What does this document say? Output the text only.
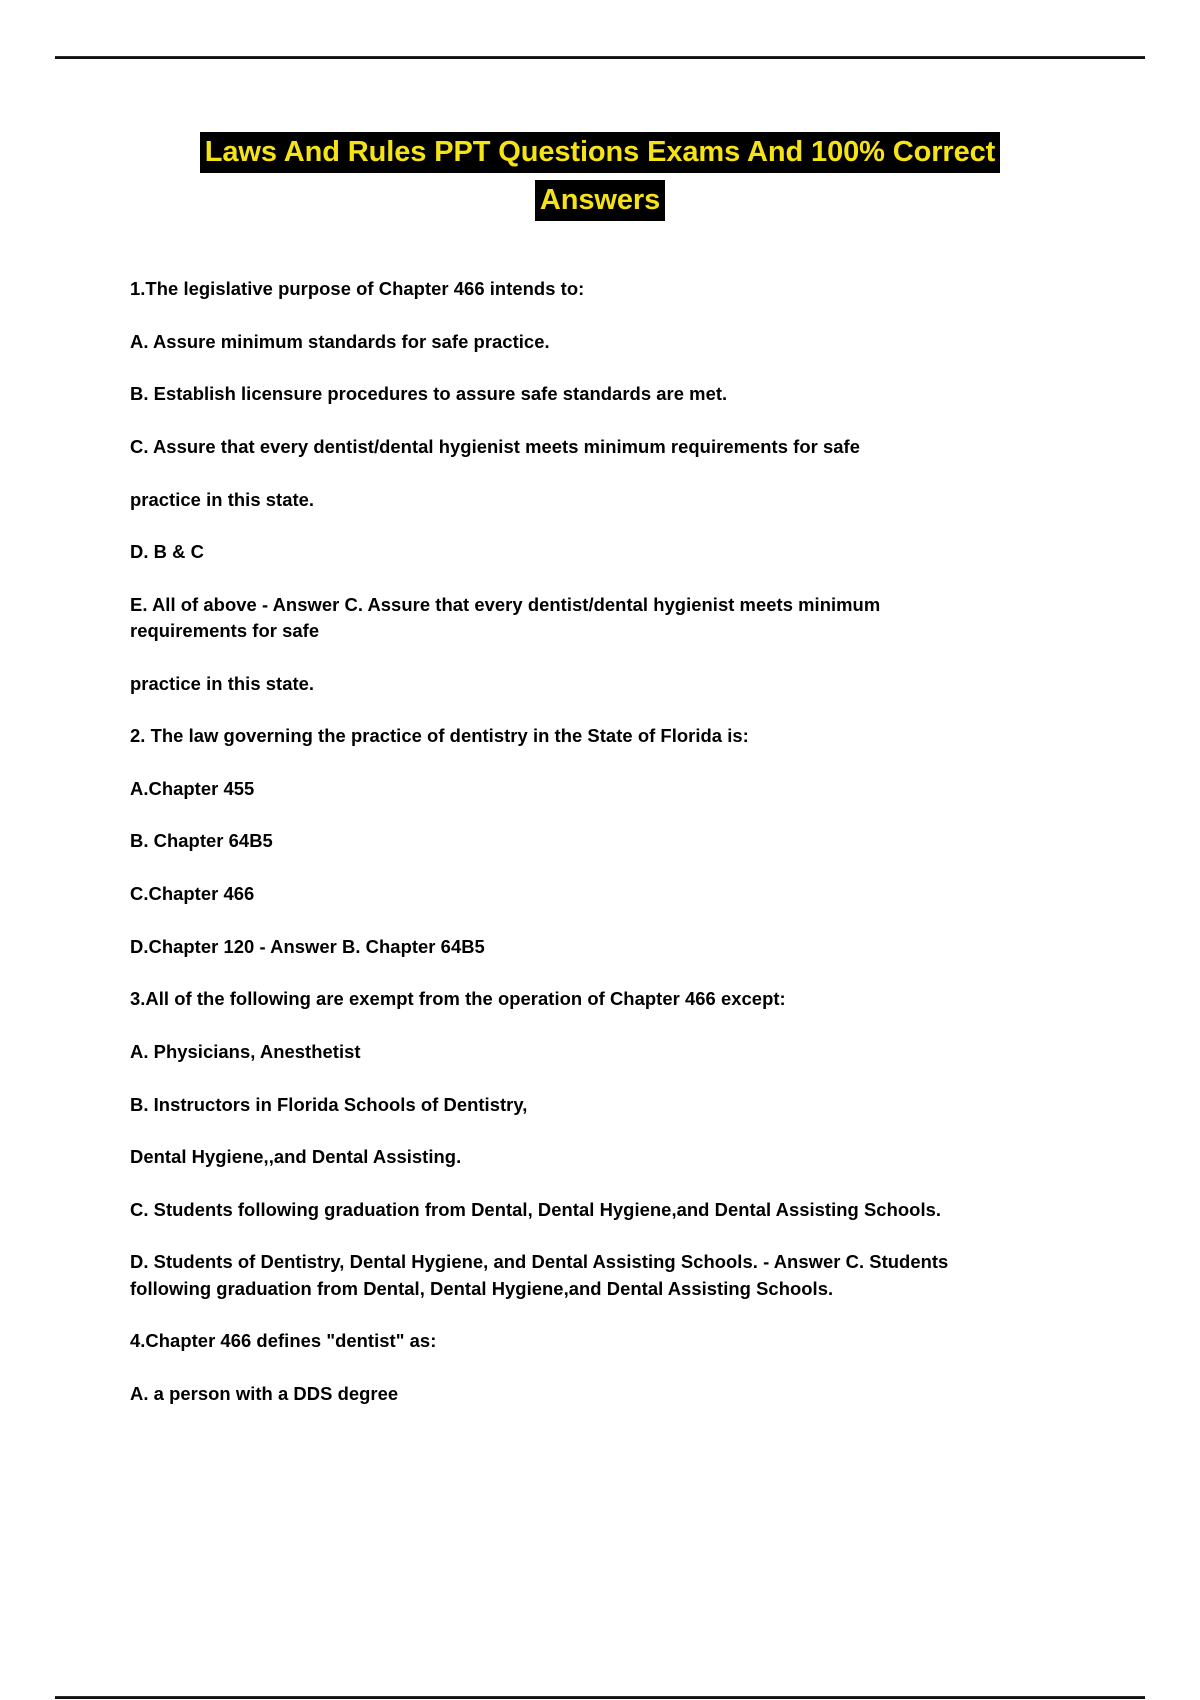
Laws And Rules PPT Questions Exams And 100% Correct
Answers

1.The legislative purpose of Chapter 466 intends to:

A. Assure minimum standards for safe practice.

B. Establish licensure procedures to assure safe standards are met.

C. Assure that every dentist/dental hygienist meets minimum requirements for safe

practice in this state.

D. B & C

E. All of above - Answer C. Assure that every dentist/dental hygienist meets minimum requirements for safe

practice in this state.

2. The law governing the practice of dentistry in the State of Florida is:

A.Chapter 455

B. Chapter 64B5

C.Chapter 466

D.Chapter 120 - Answer B. Chapter 64B5

3.All of the following are exempt from the operation of Chapter 466 except:

A. Physicians, Anesthetist

B. Instructors in Florida Schools of Dentistry,

Dental Hygiene,,and Dental Assisting.

C. Students following graduation from Dental, Dental Hygiene,and Dental Assisting Schools.

D. Students of Dentistry, Dental Hygiene, and Dental Assisting Schools. - Answer C. Students following graduation from Dental, Dental Hygiene,and Dental Assisting Schools.

4.Chapter 466 defines "dentist" as:

A. a person with a DDS degree
